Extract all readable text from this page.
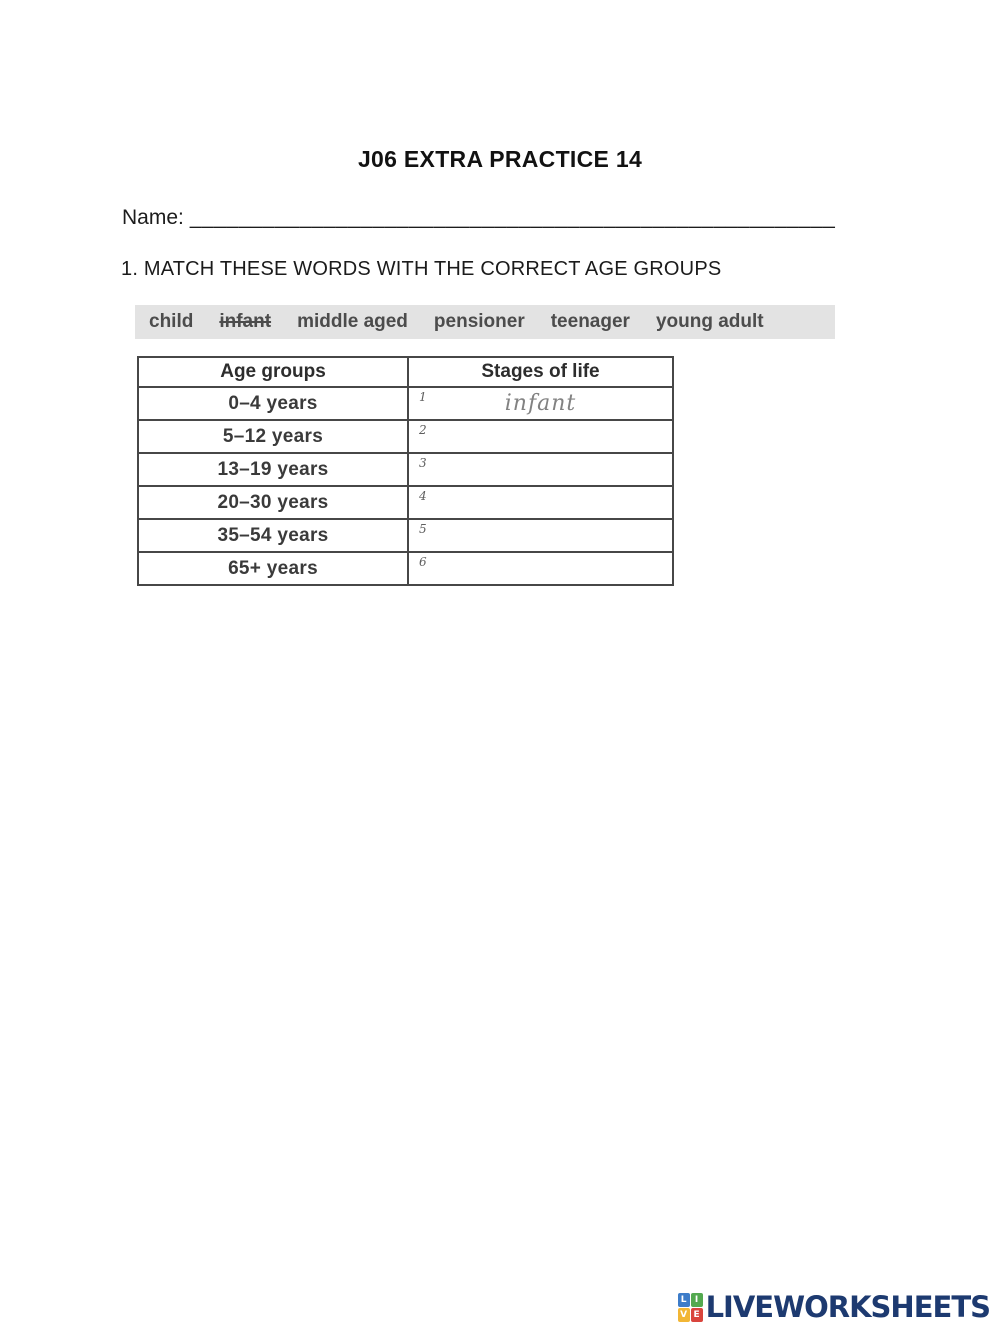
J06 EXTRA PRACTICE 14
Name: _____________________________________________________
1. MATCH THESE WORDS WITH THE CORRECT AGE GROUPS
child infant middle aged pensioner teenager young adult
Age groups	Stages of life
0–4 years	1 infant

5–12 years	2

13–19 years	3

20–30 years	4

35–54 years	5

65+ years	6
L I
V E LIVEWORKSHEETS
